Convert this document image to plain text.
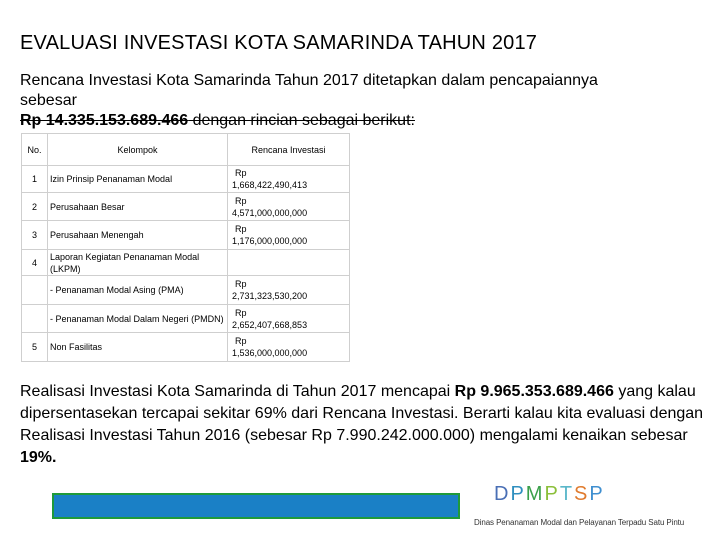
EVALUASI INVESTASI KOTA SAMARINDA TAHUN 2017
Rencana Investasi Kota Samarinda Tahun 2017 ditetapkan dalam pencapaiannya
sebesar
Rp 14.335.153.689.466 dengan rincian sebagai berikut:
No.	Kelompok	Rencana Investasi
1	Izin Prinsip Penanaman Modal	Rp
1,668,422,490,413
2	Perusahaan Besar	Rp
4,571,000,000,000
3	Perusahaan Menengah	Rp
1,176,000,000,000
4	Laporan Kegiatan Penanaman Modal (LKPM)	

	- Penanaman Modal Asing (PMA)	Rp
2,731,323,530,200
	- Penanaman Modal Dalam Negeri (PMDN)	Rp
2,652,407,668,853
5	Non Fasilitas	Rp
1,536,000,000,000
Realisasi Investasi Kota Samarinda di Tahun 2017 mencapai Rp 9.965.353.689.466 yang kalau dipersentasekan tercapai sekitar 69% dari Rencana Investasi. Berarti kalau kita evaluasi dengan Realisasi Investasi Tahun 2016 (sebesar Rp 7.990.242.000.000) mengalami kenaikan sebesar 19%.
D P M P T S P
Dinas Penanaman Modal dan Pelayanan Terpadu Satu Pintu
